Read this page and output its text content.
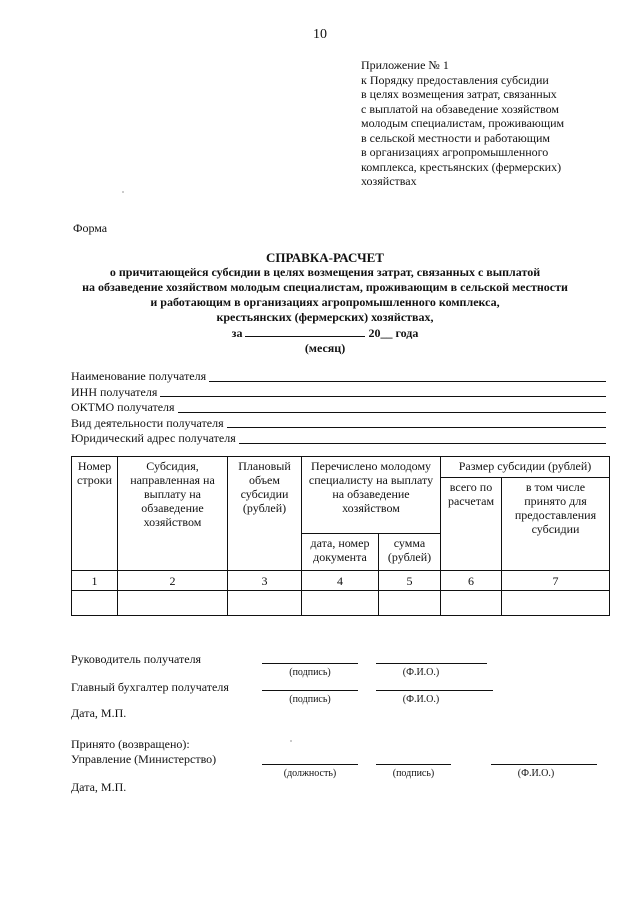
10
Приложение № 1
к Порядку предоставления субсидии
в целях возмещения затрат, связанных
с выплатой на обзаведение хозяйством
молодым специалистам, проживающим
в сельской местности и работающим
в организациях агропромышленного
комплекса, крестьянских (фермерских)
хозяйствах
Форма
СПРАВКА-РАСЧЕТ
о причитающейся субсидии в целях возмещения затрат, связанных с выплатой
на обзаведение хозяйством молодым специалистам, проживающим в сельской местности
и работающим в организациях агропромышленного комплекса,
крестьянских (фермерских) хозяйствах,
за	20__ года
(месяц)
Наименование получателя
ИНН получателя
ОКТМО получателя
Вид деятельности получателя
Юридический адрес получателя
Номер строки	Субсидия, направленная на выплату на обзаведение хозяйством	Плановый объем субсидии (рублей)	Перечислено молодому специалисту на выплату на обзаведение хозяйством		Размер субсидии (рублей)	
					всего по расчетам	в том числе принято для предоставления субсидии
			дата, номер документа	сумма (рублей)		
1	2	3	4	5	6	7

Руководитель получателя
(подпись)	(Ф.И.О.)
Главный бухгалтер получателя
(подпись)	(Ф.И.О.)
Дата, М.П.
Принято (возвращено):
Управление (Министерство)
(должность)	(подпись)	(Ф.И.О.)
Дата, М.П.
